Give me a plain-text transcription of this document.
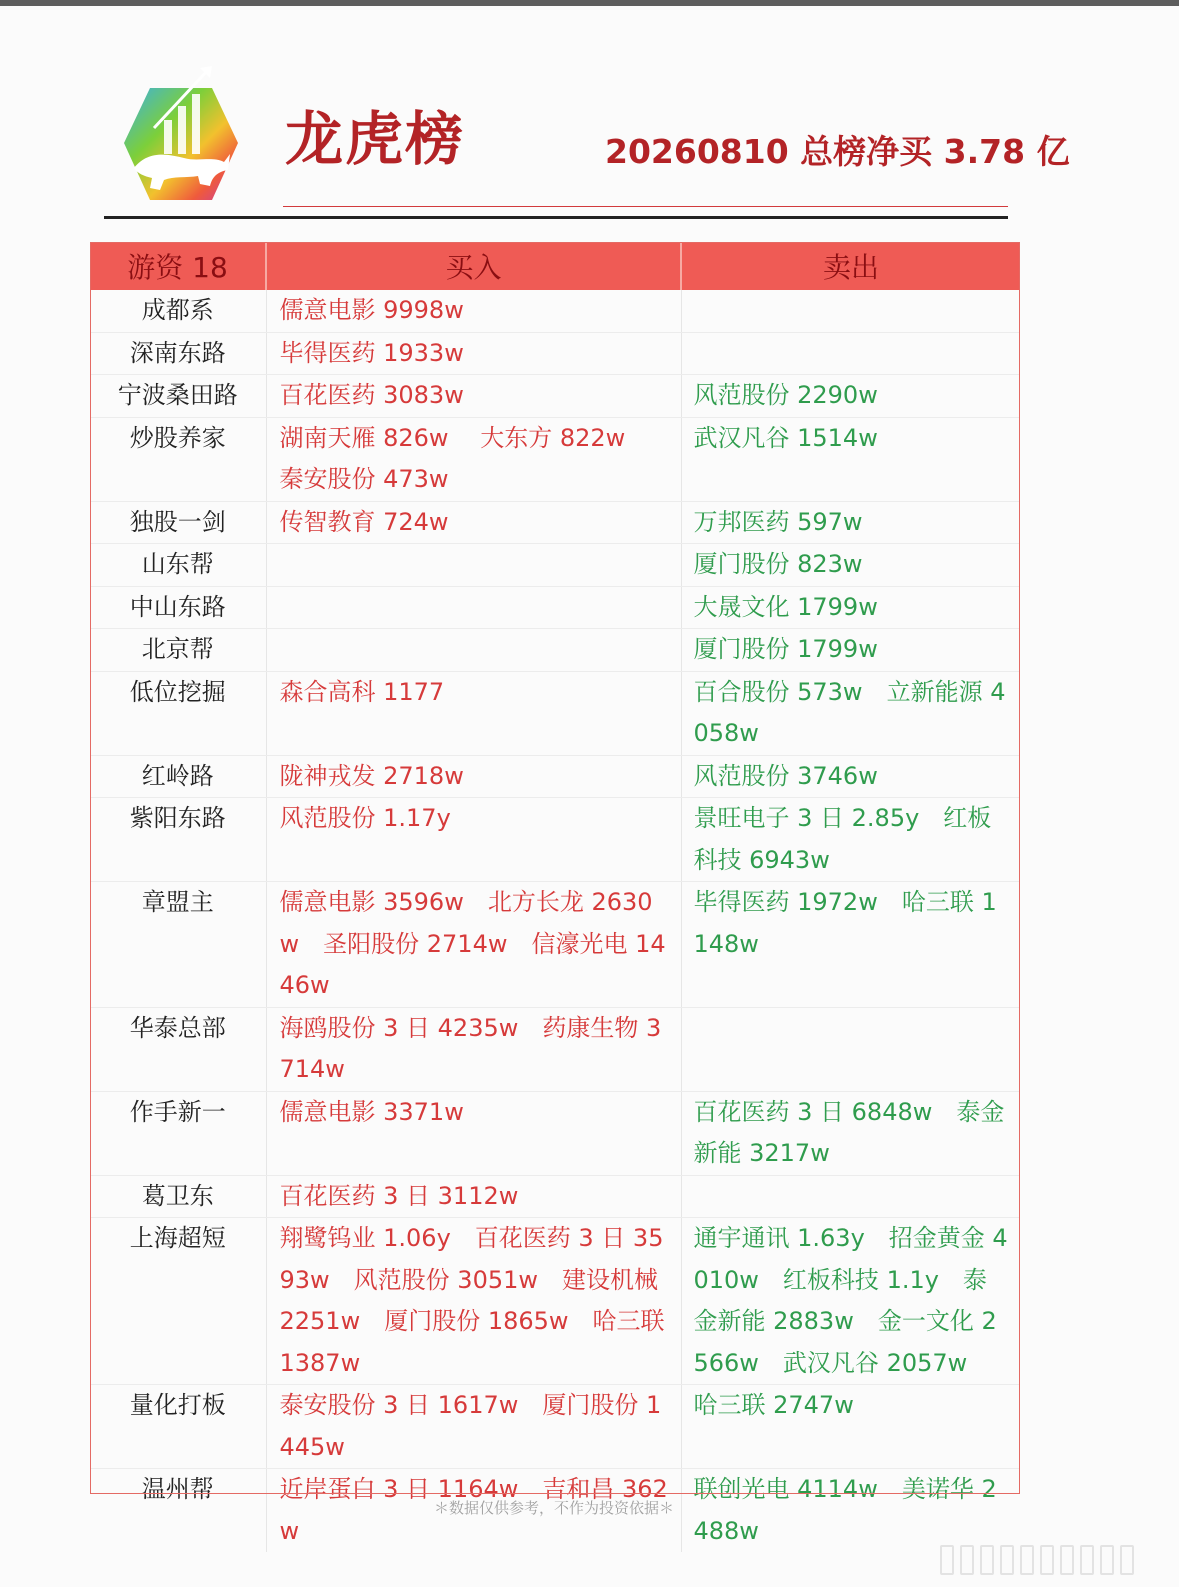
龙虎榜	20260810 总榜净买 3.78 亿
游资 18	买入	卖出
成都系	儒意电影 9998w	
深南东路	毕得医药 1933w	
宁波桑田路	百花医药 3083w	风范股份 2290w
炒股养家	湖南天雁 826w　 大东方 822w　 秦安股份 473w	武汉凡谷 1514w
独股一剑	传智教育 724w	万邦医药 597w
山东帮		厦门股份 823w
中山东路		大晟文化 1799w
北京帮		厦门股份 1799w
低位挖掘	森合高科 1177	百合股份 573w　立新能源 4058w
红岭路	陇神戎发 2718w	风范股份 3746w
紫阳东路	风范股份 1.17y	景旺电子 3 日 2.85y　红板科技 6943w
章盟主	儒意电影 3596w　北方长龙 2630w　圣阳股份 2714w　信濠光电 1446w	毕得医药 1972w　哈三联 1148w
华泰总部	海鸥股份 3 日 4235w　药康生物 3714w	
作手新一	儒意电影 3371w	百花医药 3 日 6848w　泰金新能 3217w
葛卫东	百花医药 3 日 3112w	
上海超短	翔鹭钨业 1.06y　百花医药 3 日 3593w　风范股份 3051w　建设机械 2251w　厦门股份 1865w　哈三联 1387w	通宇通讯 1.63y　招金黄金 4010w　红板科技 1.1y　泰金新能 2883w　金一文化 2566w　武汉凡谷 2057w
量化打板	泰安股份 3 日 1617w　厦门股份 1445w	哈三联 2747w
温州帮	近岸蛋白 3 日 1164w　吉和昌 362w	联创光电 4114w　美诺华 2488w
＊数据仅供参考，不作为投资依据＊
